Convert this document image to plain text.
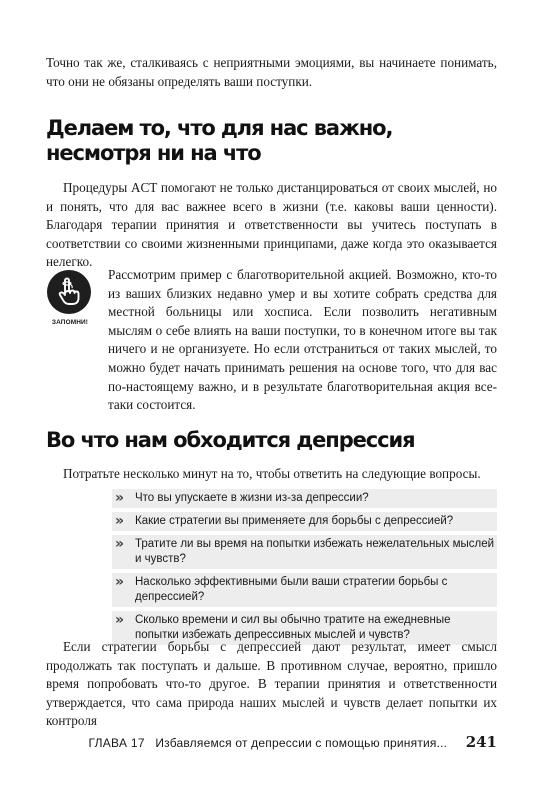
Точно так же, сталкиваясь с неприятными эмоциями, вы начинаете понимать, что они не обязаны определять ваши поступки.

Делаем то, что для нас важно,
несмотря ни на что

Процедуры ACT помогают не только дистанцироваться от своих мыслей, но и понять, что для вас важнее всего в жизни (т.е. каковы ваши ценности). Благодаря терапии принятия и ответственности вы учитесь поступать в соответствии со своими жизненными принципами, даже когда это оказывается нелегко.

ЗАПОМНИ!

Рассмотрим пример с благотворительной акцией. Возможно, кто-то из ваших близких недавно умер и вы хотите собрать средства для местной больницы или хосписа. Если позволить негативным мыслям о себе влиять на ваши поступки, то в конечном итоге вы так ничего и не организуете. Но если отстраниться от таких мыслей, то можно будет начать принимать решения на основе того, что для вас по-настоящему важно, и в результате благотворительная акция все-таки состоится.

Во что нам обходится депрессия

Потратьте несколько минут на то, чтобы ответить на следующие вопросы.

» Что вы упускаете в жизни из-за депрессии?
» Какие стратегии вы применяете для борьбы с депрессией?
» Тратите ли вы время на попытки избежать нежелательных мыслей и чувств?
» Насколько эффективными были ваши стратегии борьбы с депрессией?
» Сколько времени и сил вы обычно тратите на ежедневные попытки избежать депрессивных мыслей и чувств?

Если стратегии борьбы с депрессией дают результат, имеет смысл продолжать так поступать и дальше. В противном случае, вероятно, пришло время попробовать что-то другое. В терапии принятия и ответственности утверждается, что сама природа наших мыслей и чувств делает попытки их контроля

ГЛАВА 17 Избавляемся от депрессии с помощью принятия... 241
